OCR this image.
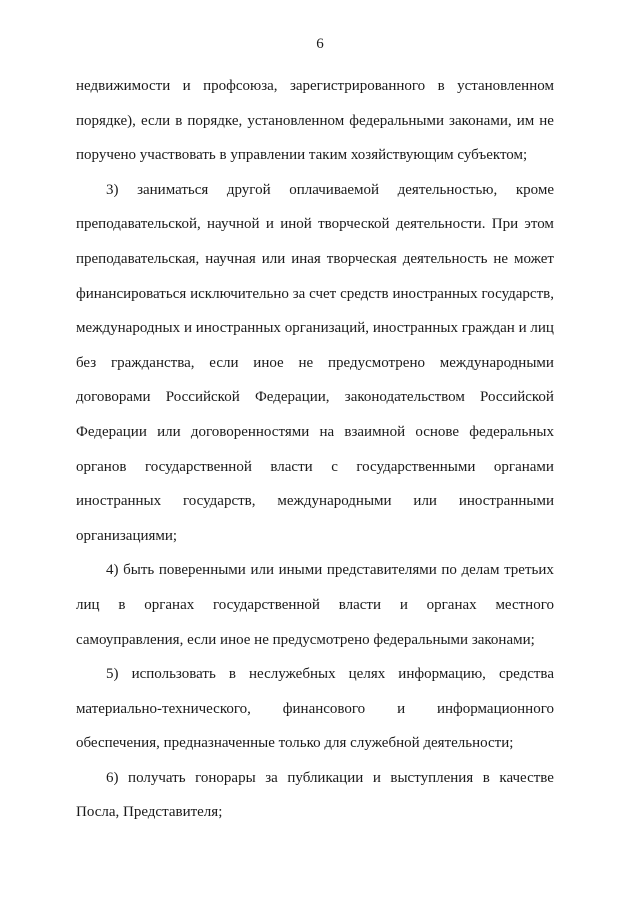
6
недвижимости и профсоюза, зарегистрированного в установленном
порядке), если в порядке, установленном федеральными законами, им не
поручено участвовать в управлении таким хозяйствующим субъектом;
3) заниматься другой оплачиваемой деятельностью, кроме
преподавательской, научной и иной творческой деятельности. При этом
преподавательская, научная или иная творческая деятельность не может
финансироваться исключительно за счет средств иностранных государств,
международных и иностранных организаций, иностранных граждан и лиц
без гражданства, если иное не предусмотрено международными
договорами Российской Федерации, законодательством Российской
Федерации или договоренностями на взаимной основе федеральных
органов государственной власти с государственными органами
иностранных государств, международными или иностранными
организациями;
4) быть поверенными или иными представителями по делам третьих
лиц в органах государственной власти и органах местного
самоуправления, если иное не предусмотрено федеральными законами;
5) использовать в неслужебных целях информацию, средства
материально-технического, финансового и информационного
обеспечения, предназначенные только для служебной деятельности;
6) получать гонорары за публикации и выступления в качестве
Посла, Представителя;
